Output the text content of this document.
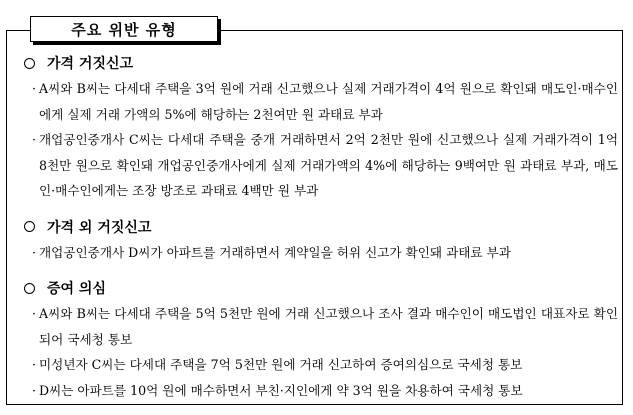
주요 위반 유형
가격 거짓신고
· A씨와 B씨는 다세대 주택을 3억 원에 거래 신고했으나 실제 거래가격이 4억 원으로 확인돼 매도인·매수인에게 실제 거래 가액의 5%에 해당하는 2천여만 원 과태료 부과
· 개업공인중개사 C씨는 다세대 주택을 중개 거래하면서 2억 2천만 원에 신고했으나 실제 거래가격이 1억 8천만 원으로 확인돼 개업공인중개사에게 실제 거래가액의 4%에 해당하는 9백여만 원 과태료 부과, 매도인·매수인에게는 조장 방조로 과태료 4백만 원 부과
가격 외 거짓신고
· 개업공인중개사 D씨가 아파트를 거래하면서 계약일을 허위 신고가 확인돼 과태료 부과
증여 의심
· A씨와 B씨는 다세대 주택을 5억 5천만 원에 거래 신고했으나 조사 결과 매수인이 매도법인 대표자로 확인되어 국세청 통보
· 미성년자 C씨는 다세대 주택을 7억 5천만 원에 거래 신고하여 증여의심으로 국세청 통보
· D씨는 아파트를 10억 원에 매수하면서 부친·지인에게 약 3억 원을 차용하여 국세청 통보
